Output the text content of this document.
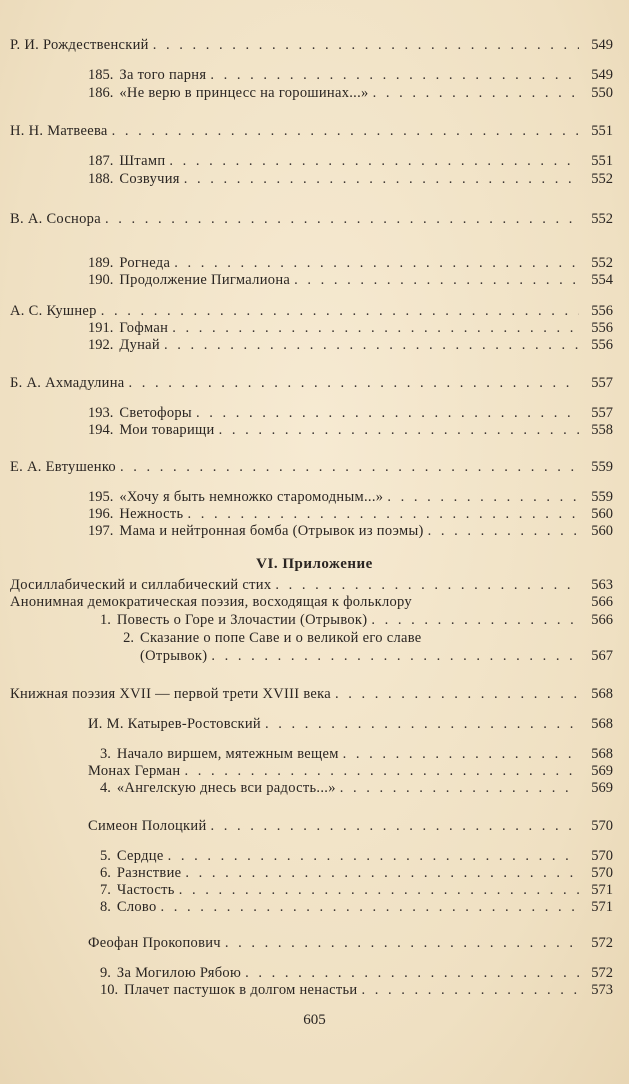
Р. И. Рождественский . . .	549
185. За того парня . . .	549
186. «Не верю в принцесс на горошинах...» . . .	550
Н. Н. Матвеева . . .	551
187. Штамп . . .	551
188. Созвучия . . .	552
В. А. Соснора . . .	552
189. Рогнеда . . .	552
190. Продолжение Пигмалиона . . .	554
А. С. Кушнер . . .	556
191. Гофман . . .	556
192. Дунай . . .	556
Б. А. Ахмадулина . . .	557
193. Светофоры . . .	557
194. Мои товарищи . . .	558
Е. А. Евтушенко . . .	559
195. «Хочу я быть немножко старомодным...» . . .	559
196. Нежность . . .	560
197. Мама и нейтронная бомба (Отрывок из поэмы) . . .	560
VI. Приложение
Досиллабический и силлабический стих . . .	563
Анонимная демократическая поэзия, восходящая к фольклору	566
1. Повесть о Горе и Злочастии (Отрывок) . . .	566
2. Сказание о попе Саве и о великой его славе
(Отрывок) . . .	567
Книжная поэзия XVII — первой трети XVIII века . . .	568
И. М. Катырев-Ростовский . . .	568
3. Начало виршем, мятежным вещем . . .	568
Монах Герман . . .	569
4. «Ангелскую днесь вси радость...» . . .	569
Симеон Полоцкий . . .	570
5. Сердце . . .	570
6. Разнствие . . .	570
7. Частость . . .	571
8. Слово . . .	571
Феофан Прокопович . . .	572
9. За Могилою Рябою . . .	572
10. Плачет пастушок в долгом ненастьи . . .	573
605
